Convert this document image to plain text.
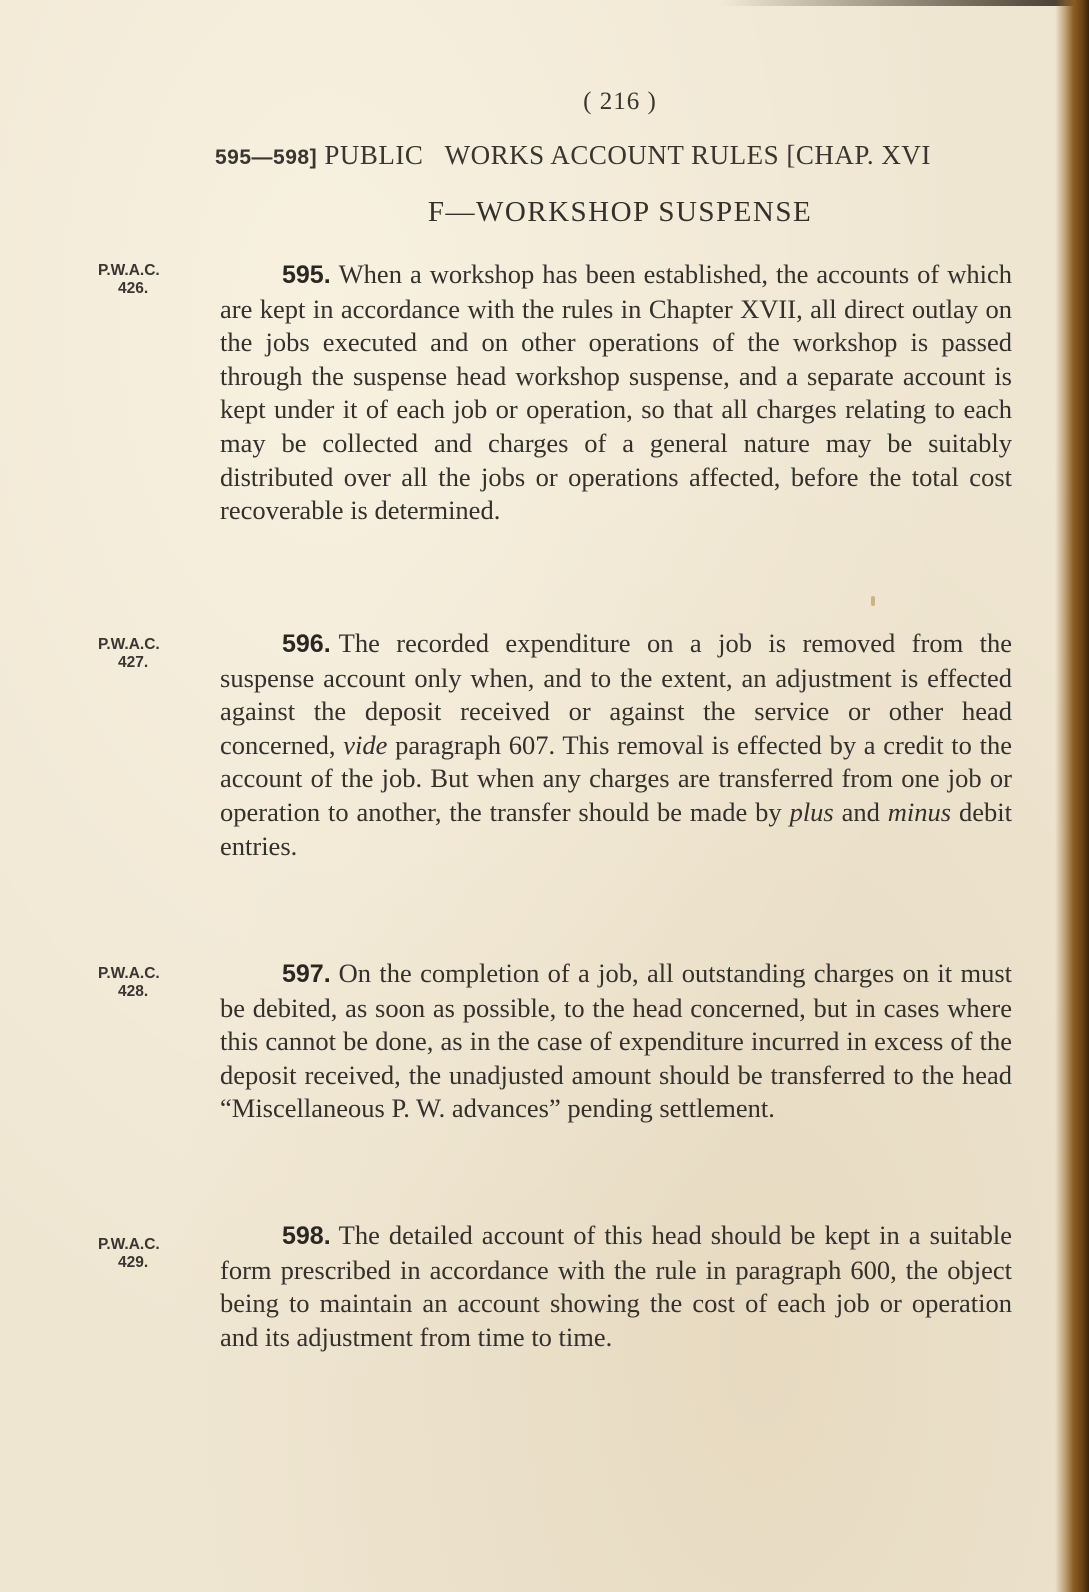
( 216 )
595—598] PUBLIC   WORKS ACCOUNT RULES [CHAP. XVI
F—WORKSHOP SUSPENSE
P.W.A.C.
426.	595. When a workshop has been established, the accounts of which are kept in accordance with the rules in Chapter XVII, all direct outlay on the jobs executed and on other operations of the workshop is passed through the suspense head workshop suspense, and a separate account is kept under it of each job or operation, so that all charges relating to each may be collected and charges of a general nature may be suitably distributed over all the jobs or operations affected, before the total cost recoverable is determined.
P.W.A.C.
427.
596. The recorded expenditure on a job is removed from the suspense account only when, and to the extent, an adjustment is effected against the deposit received or against the service or other head concerned, vide paragraph 607. This removal is effected by a credit to the account of the job. But when any charges are transferred from one job or operation to another, the transfer should be made by plus and minus debit entries.
P.W.A.C.
428.
597. On the completion of a job, all outstanding charges on it must be debited, as soon as possible, to the head concerned, but in cases where this cannot be done, as in the case of expenditure incurred in excess of the deposit received, the unadjusted amount should be transferred to the head “Miscellaneous P. W. advances” pending settlement.
P.W.A.C.
429.
598. The detailed account of this head should be kept in a suitable form prescribed in accordance with the rule in paragraph 600, the object being to maintain an account showing the cost of each job or operation and its adjustment from time to time.
